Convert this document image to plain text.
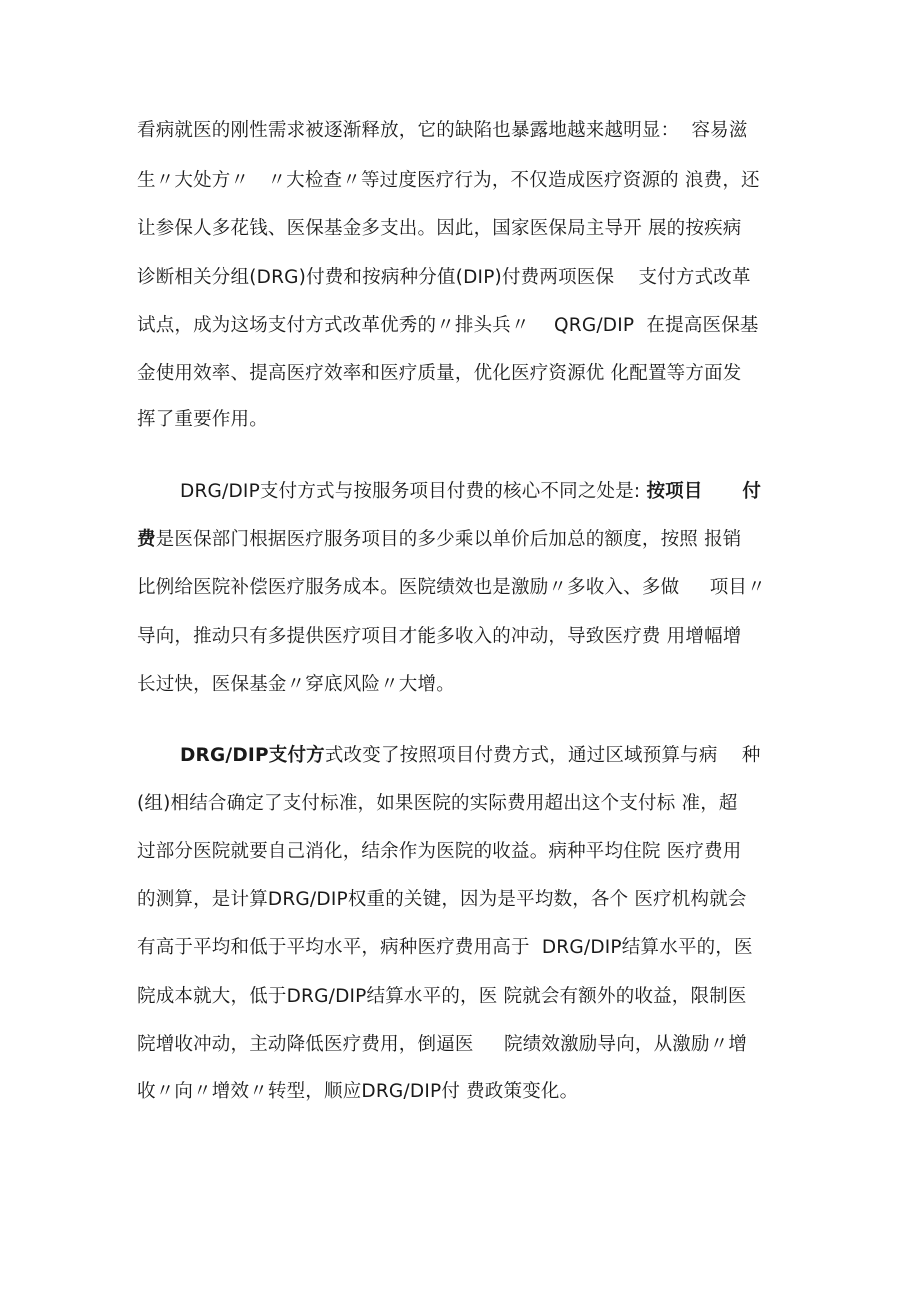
看病就医的刚性需求被逐渐释放，它的缺陷也暴露地越来越明显：  容易滋
生〃大处方〃   〃大检查〃等过度医疗行为，不仅造成医疗资源的 浪费，还
让参保人多花钱、医保基金多支出。因此，国家医保局主导开 展的按疾病
诊断相关分组(DRG)付费和按病种分值(DIP)付费两项医保    支付方式改革
试点，成为这场支付方式改革优秀的〃排头兵〃    QRG/DIP  在提高医保基
金使用效率、提高医疗效率和医疗质量，优化医疗资源优 化配置等方面发
挥了重要作用。
DRG/DIP支付方式与按服务项目付费的核心不同之处是: 按项目      付
费是医保部门根据医疗服务项目的多少乘以单价后加总的额度，按照 报销
比例给医院补偿医疗服务成本。医院绩效也是激励〃多收入、多做     项目〃
导向，推动只有多提供医疗项目才能多收入的冲动，导致医疗费 用增幅增
长过快，医保基金〃穿底风险〃大增。
DRG/DIP支付方式改变了按照项目付费方式，通过区域预算与病    种
(组)相结合确定了支付标准，如果医院的实际费用超出这个支付标 准，超
过部分医院就要自己消化，结余作为医院的收益。病种平均住院 医疗费用
的测算，是计算DRG/DIP权重的关键，因为是平均数，各个 医疗机构就会
有高于平均和低于平均水平，病种医疗费用高于  DRG/DIP结算水平的，医
院成本就大，低于DRG/DIP结算水平的，医 院就会有额外的收益，限制医
院增收冲动，主动降低医疗费用，倒逼医     院绩效激励导向，从激励〃增
收〃向〃增效〃转型，顺应DRG/DIP付 费政策变化。
